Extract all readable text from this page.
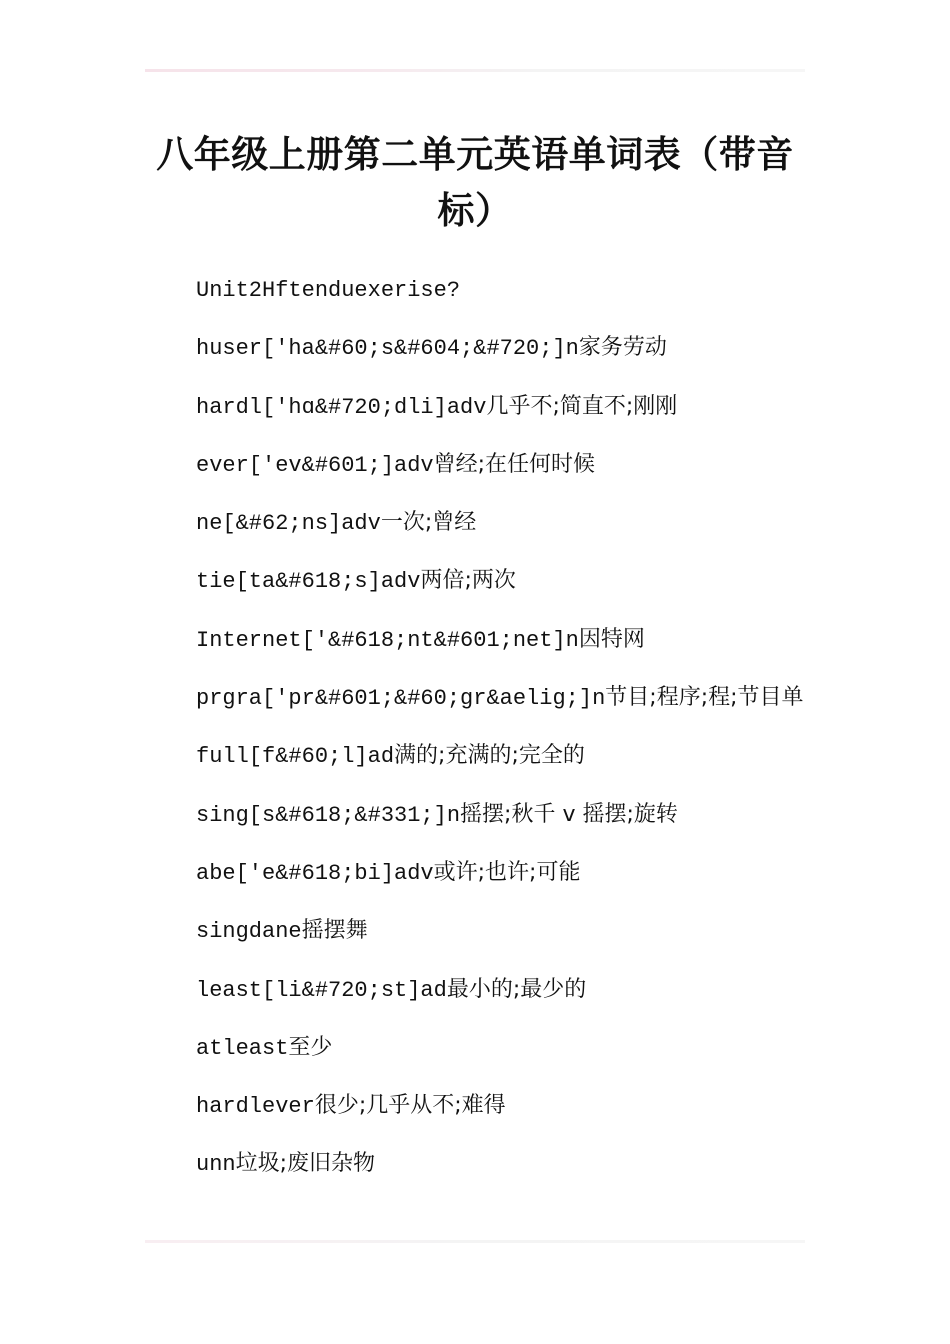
八年级上册第二单元英语单词表（带音标）
Unit2Hftenduexerise?
huser['ha&#60;s&#604;&#720;]n家务劳动
hardl['hɑ&#720;dli]adv几乎不;简直不;刚刚
ever['ev&#601;]adv曾经;在任何时候
ne[&#62;ns]adv一次;曾经
tie[ta&#618;s]adv两倍;两次
Internet['&#618;nt&#601;net]n因特网
prgra['pr&#601;&#60;gr&aelig;]n节目;程序;程;节目单
full[f&#60;l]ad满的;充满的;完全的
sing[s&#618;&#331;]n摇摆;秋千 v 摇摆;旋转
abe['e&#618;bi]adv或许;也许;可能
singdane摇摆舞
least[li&#720;st]ad最小的;最少的
atleast至少
hardlever很少;几乎从不;难得
unn垃圾;废旧杂物
